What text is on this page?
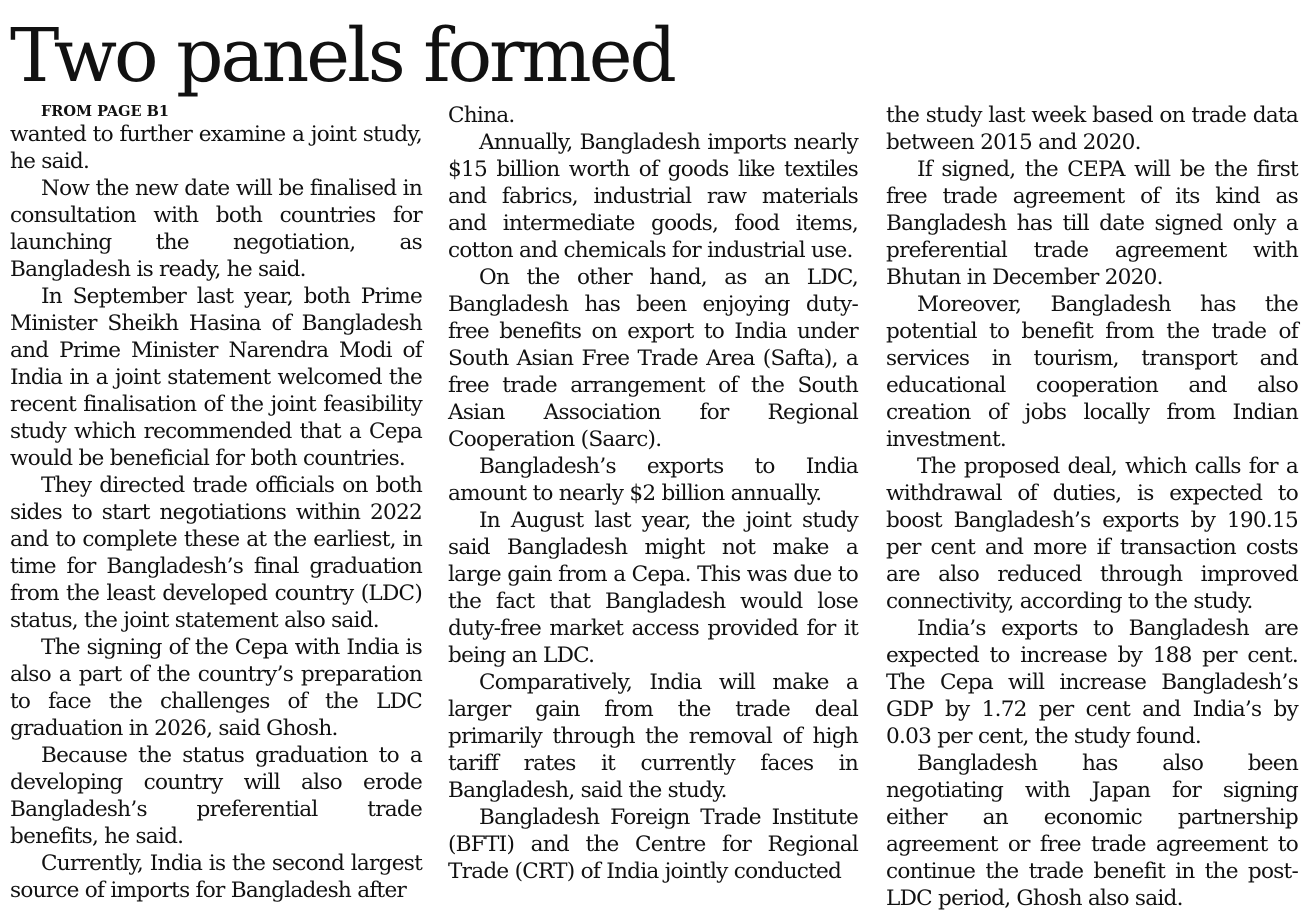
Two panels formed

FROM PAGE B1

wanted to further examine a joint study, he said.

Now the new date will be finalised in consultation with both countries for launching the negotiation, as Bangladesh is ready, he said.

In September last year, both Prime Minister Sheikh Hasina of Bangladesh and Prime Minister Narendra Modi of India in a joint statement welcomed the recent finalisation of the joint feasibility study which recommended that a Cepa would be beneficial for both countries.

They directed trade officials on both sides to start negotiations within 2022 and to complete these at the earliest, in time for Bangladesh’s final graduation from the least developed country (LDC) status, the joint statement also said.

The signing of the Cepa with India is also a part of the country’s preparation to face the challenges of the LDC graduation in 2026, said Ghosh.

Because the status graduation to a developing country will also erode Bangladesh’s preferential trade benefits, he said.

Currently, India is the second largest source of imports for Bangladesh after

China.

Annually, Bangladesh imports nearly $15 billion worth of goods like textiles and fabrics, industrial raw materials and intermediate goods, food items, cotton and chemicals for industrial use.

On the other hand, as an LDC, Bangladesh has been enjoying duty-free benefits on export to India under South Asian Free Trade Area (Safta), a free trade arrangement of the South Asian Association for Regional Cooperation (Saarc).

Bangladesh’s exports to India amount to nearly $2 billion annually.

In August last year, the joint study said Bangladesh might not make a large gain from a Cepa. This was due to the fact that Bangladesh would lose duty-free market access provided for it being an LDC.

Comparatively, India will make a larger gain from the trade deal primarily through the removal of high tariff rates it currently faces in Bangladesh, said the study.

Bangladesh Foreign Trade Institute (BFTI) and the Centre for Regional Trade (CRT) of India jointly conducted

the study last week based on trade data between 2015 and 2020.

If signed, the CEPA will be the first free trade agreement of its kind as Bangladesh has till date signed only a preferential trade agreement with Bhutan in December 2020.

Moreover, Bangladesh has the potential to benefit from the trade of services in tourism, transport and educational cooperation and also creation of jobs locally from Indian investment.

The proposed deal, which calls for a withdrawal of duties, is expected to boost Bangladesh’s exports by 190.15 per cent and more if transaction costs are also reduced through improved connectivity, according to the study.

India’s exports to Bangladesh are expected to increase by 188 per cent. The Cepa will increase Bangladesh’s GDP by 1.72 per cent and India’s by 0.03 per cent, the study found.

Bangladesh has also been negotiating with Japan for signing either an economic partnership agreement or free trade agreement to continue the trade benefit in the post-LDC period, Ghosh also said.
